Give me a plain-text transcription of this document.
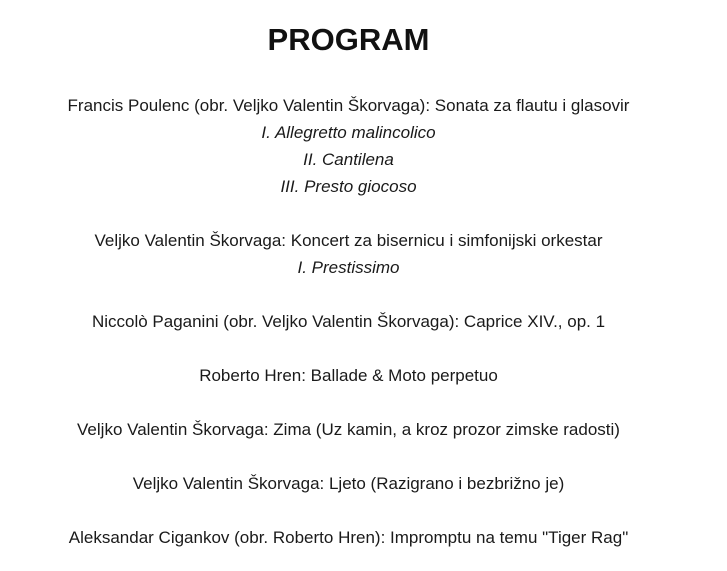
PROGRAM
Francis Poulenc (obr. Veljko Valentin Škorvaga): Sonata za flautu i glasovir
I. Allegretto malincolico
II. Cantilena
III. Presto giocoso
Veljko Valentin Škorvaga: Koncert za bisernicu i simfonijski orkestar
I. Prestissimo
Niccolò Paganini (obr. Veljko Valentin Škorvaga): Caprice XIV., op. 1
Roberto Hren: Ballade & Moto perpetuo
Veljko Valentin Škorvaga: Zima (Uz kamin, a kroz prozor zimske radosti)
Veljko Valentin Škorvaga: Ljeto (Razigrano i bezbrižno je)
Aleksandar Cigankov (obr. Roberto Hren): Impromptu na temu "Tiger Rag"
